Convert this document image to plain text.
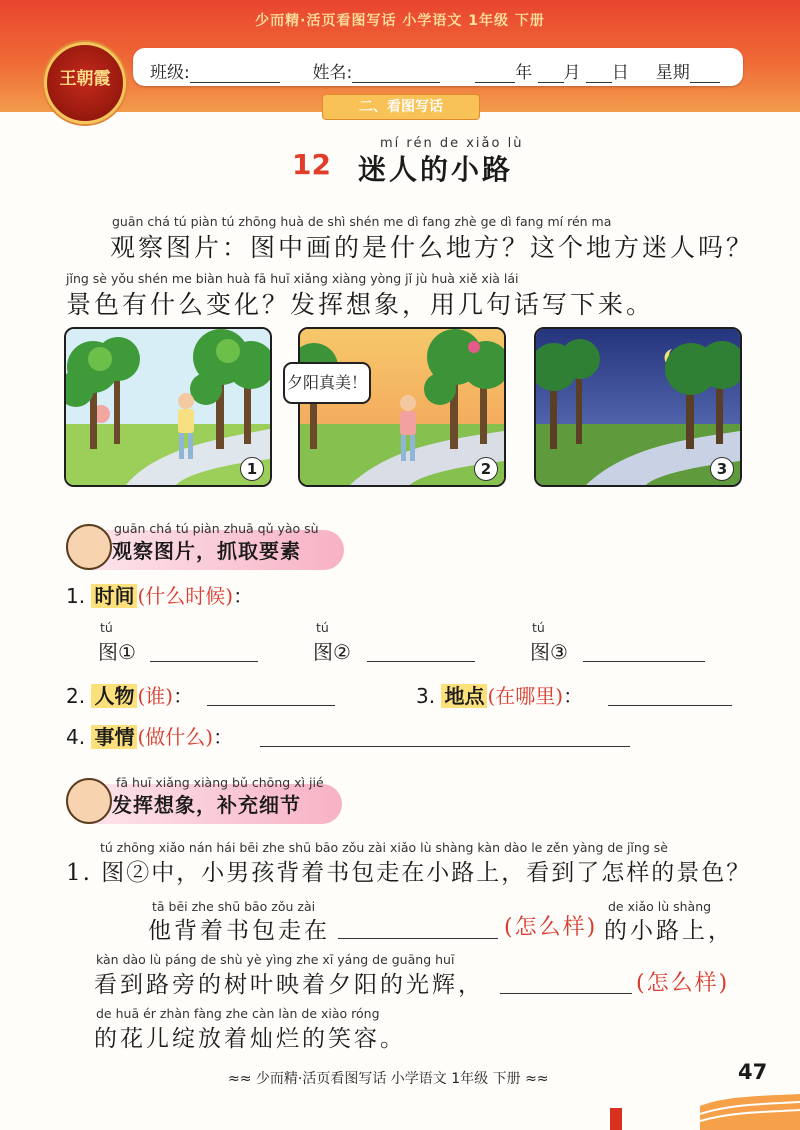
少而精·活页看图写话 小学语文 1年级 下册
班级:	姓名:	年 月 日 星期
王朝霞
二、看图写话
mí rén de xiǎo lù
12 迷人的小路
guān chá tú piàn tú zhōng huà de shì shén me dì fang zhè ge dì fang mí rén ma
观察图片：图中画的是什么地方？这个地方迷人吗？
jǐng sè yǒu shén me biàn huà fā huī xiǎng xiàng yòng jǐ jù huà xiě xià lái
景色有什么变化？发挥想象，用几句话写下来。
1	2
夕阳真美！
3
guān chá tú piàn zhuā qǔ yào sù
观察图片，抓取要素
1. 时间 (什么时候)：
tú
图①
tú
图②
tú
图③
2. 人物 (谁)：	3. 地点 (在哪里)：
4. 事情 (做什么)：
fā huī xiǎng xiàng bǔ chōng xì jié
发挥想象，补充细节
tú zhōng xiǎo nán hái bēi zhe shū bāo zǒu zài xiǎo lù shàng kàn dào le zěn yàng de jǐng sè
1. 图②中，小男孩背着书包走在小路上，看到了怎样的景色？
tā bēi zhe shū bāo zǒu zài
他背着书包走在	(怎么样)
de xiǎo lù shàng
的小路上，
kàn dào lù páng de shù yè yìng zhe xī yáng de guāng huī
看到路旁的树叶映着夕阳的光辉，	(怎么样)
de huā ér zhàn fàng zhe càn làn de xiào róng
的花儿绽放着灿烂的笑容。
≈≈ 少而精·活页看图写话 小学语文 1年级 下册 ≈≈	47
